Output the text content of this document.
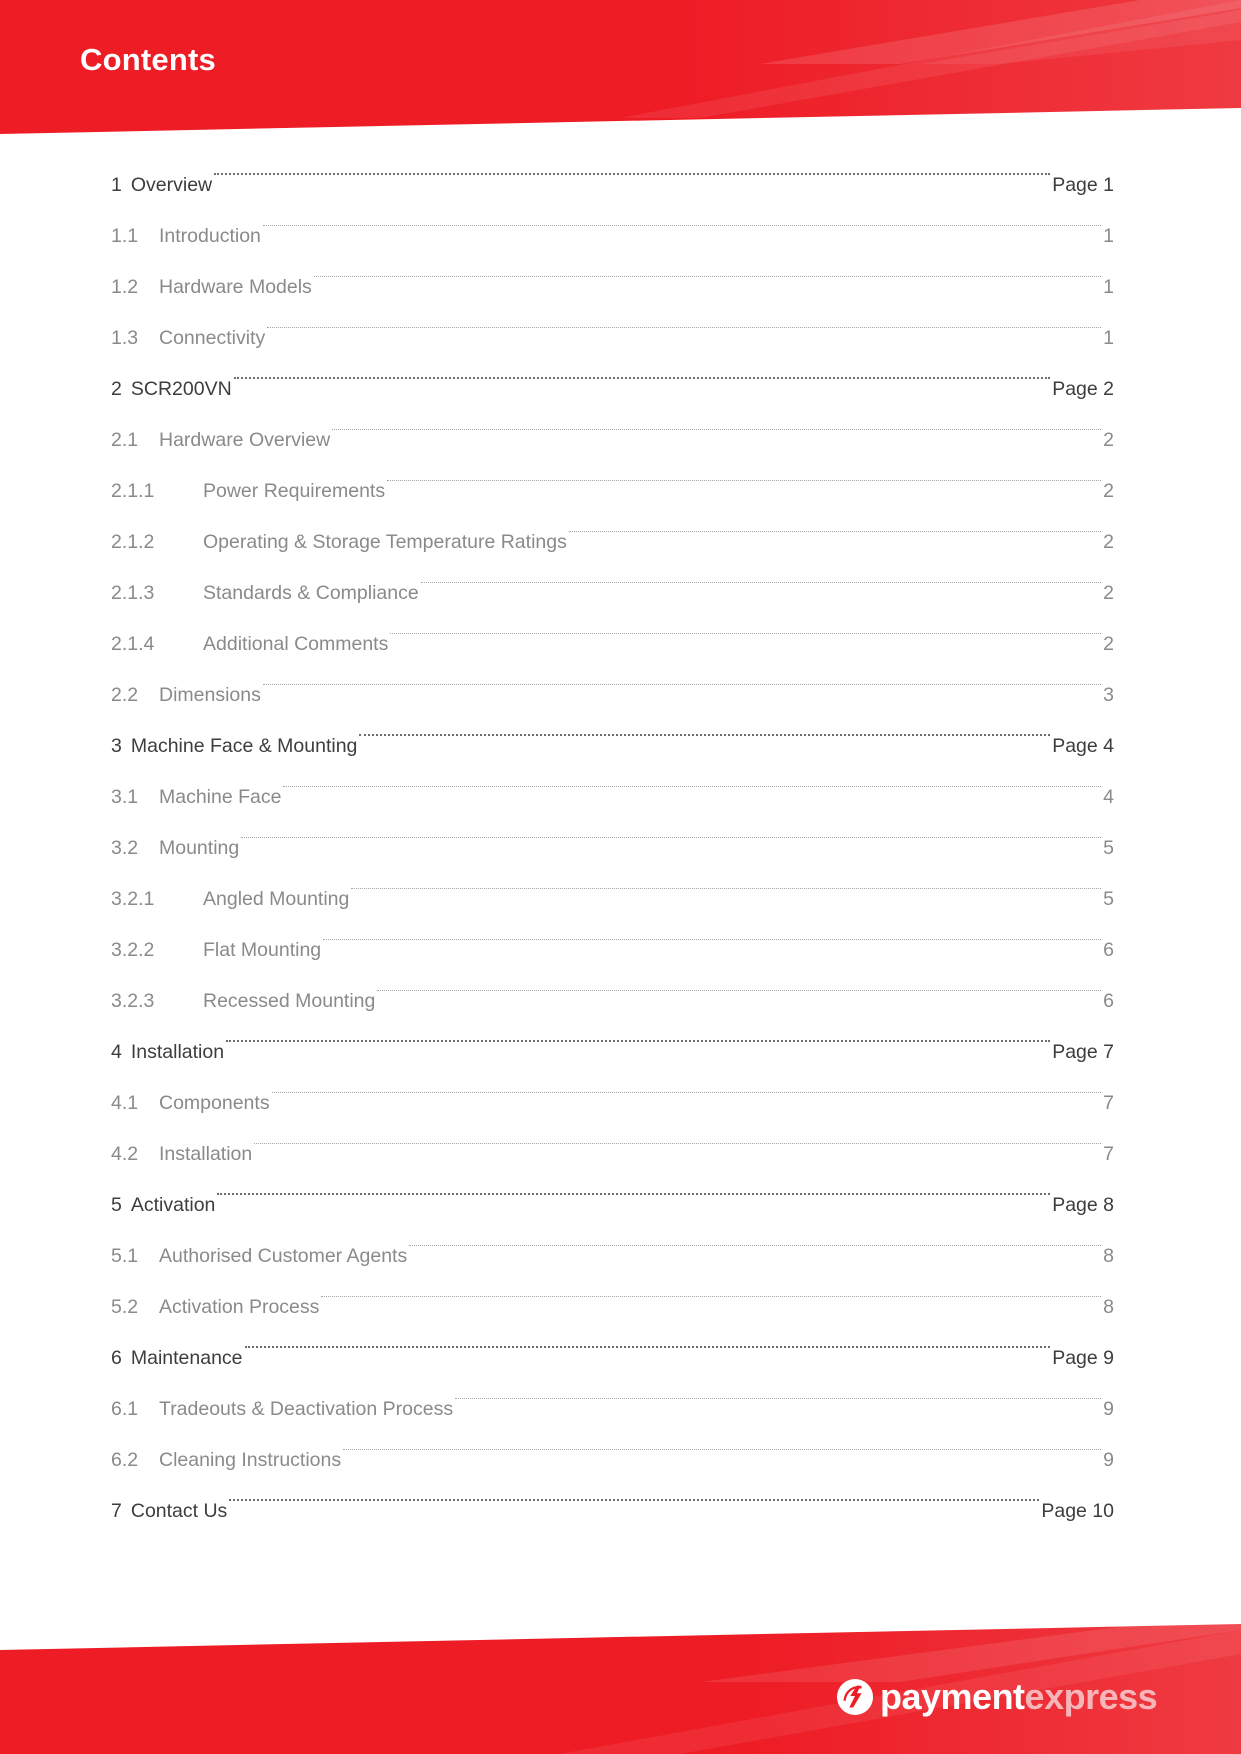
Contents
1 Overview	Page 1
1.1	Introduction	1
1.2	Hardware Models	1
1.3	Connectivity	1
2 SCR200VN	Page 2
2.1	Hardware Overview	2
2.1.1	Power Requirements	2
2.1.2	Operating & Storage Temperature Ratings	2
2.1.3	Standards & Compliance	2
2.1.4	Additional Comments	2
2.2	Dimensions	3
3 Machine Face & Mounting	Page 4
3.1	Machine Face	4
3.2	Mounting	5
3.2.1	Angled Mounting	5
3.2.2	Flat Mounting	6
3.2.3	Recessed Mounting	6
4 Installation	Page 7
4.1	Components	7
4.2	Installation	7
5 Activation	Page 8
5.1	Authorised Customer Agents	8
5.2	Activation Process	8
6 Maintenance	Page 9
6.1	Tradeouts & Deactivation Process	9
6.2	Cleaning Instructions	9
7 Contact Us	Page 10
payment express
